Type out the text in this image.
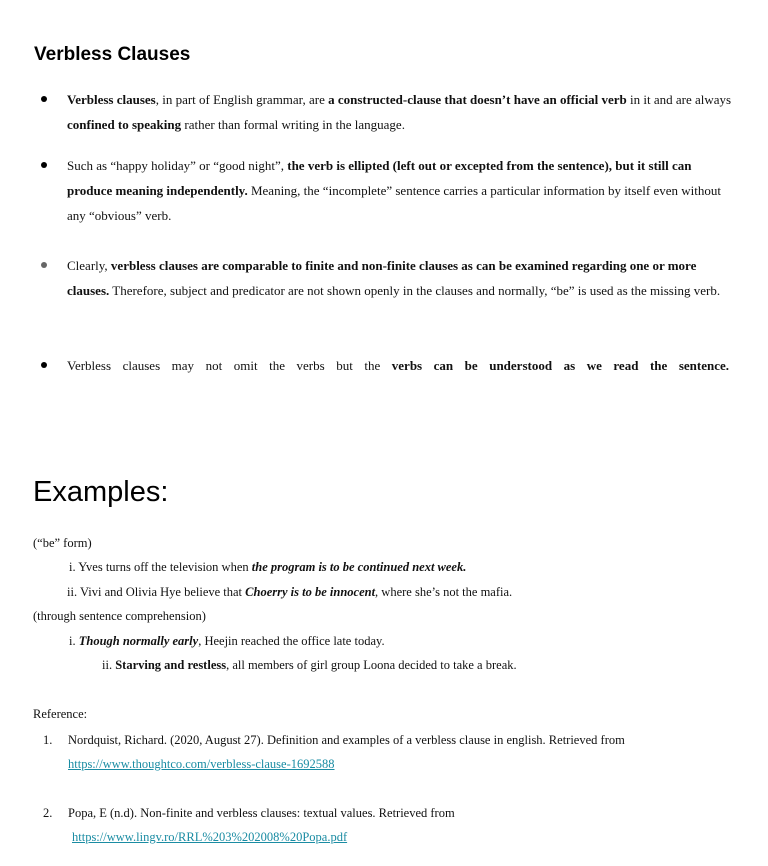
Verbless Clauses
Verbless clauses, in part of English grammar, are a constructed-clause that doesn’t have an official verb in it and are always confined to speaking rather than formal writing in the language.
Such as “happy holiday” or “good night”, the verb is ellipted (left out or excepted from the sentence), but it still can produce meaning independently. Meaning, the “incomplete” sentence carries a particular information by itself even without any “obvious” verb.
Clearly, verbless clauses are comparable to finite and non-finite clauses as can be examined regarding one or more clauses. Therefore, subject and predicator are not shown openly in the clauses and normally, “be” is used as the missing verb.
Verbless clauses may not omit the verbs but the verbs can be understood as we read the sentence.
Examples:
(“be” form)
i. Yves turns off the television when the program is to be continued next week.
ii. Vivi and Olivia Hye believe that Choerry is to be innocent, where she’s not the mafia.
(through sentence comprehension)
i. Though normally early, Heejin reached the office late today.
ii. Starving and restless, all members of girl group Loona decided to take a break.
Reference:
1.	Nordquist, Richard. (2020, August 27). Definition and examples of a verbless clause in english. Retrieved from
https://www.thoughtco.com/verbless-clause-1692588
2.	Popa, E (n.d). Non-finite and verbless clauses: textual values. Retrieved from
https://www.lingv.ro/RRL%203%202008%20Popa.pdf
